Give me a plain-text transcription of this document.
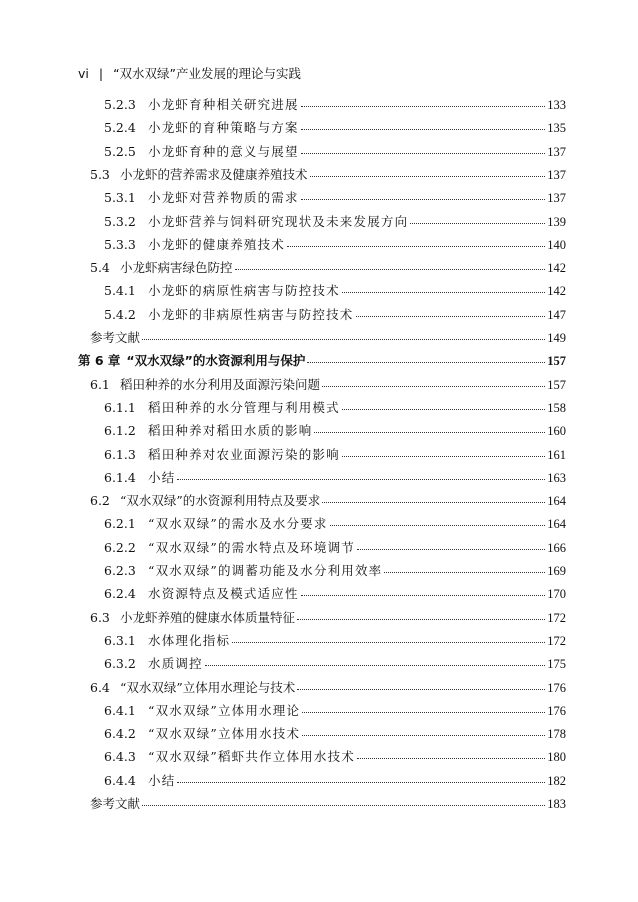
vi | “双水双绿”产业发展的理论与实践
5.2.3 小龙虾育种相关研究进展	133
5.2.4 小龙虾的育种策略与方案	135
5.2.5 小龙虾育种的意义与展望	137
5.3 小龙虾的营养需求及健康养殖技术	137
5.3.1 小龙虾对营养物质的需求	137
5.3.2 小龙虾营养与饲料研究现状及未来发展方向	139
5.3.3 小龙虾的健康养殖技术	140
5.4 小龙虾病害绿色防控	142
5.4.1 小龙虾的病原性病害与防控技术	142
5.4.2 小龙虾的非病原性病害与防控技术	147
参考文献	149
第 6 章 “双水双绿”的水资源利用与保护	157
6.1 稻田种养的水分利用及面源污染问题	157
6.1.1 稻田种养的水分管理与利用模式	158
6.1.2 稻田种养对稻田水质的影响	160
6.1.3 稻田种养对农业面源污染的影响	161
6.1.4 小结	163
6.2 “双水双绿”的水资源利用特点及要求	164
6.2.1 “双水双绿”的需水及水分要求	164
6.2.2 “双水双绿”的需水特点及环境调节	166
6.2.3 “双水双绿”的调蓄功能及水分利用效率	169
6.2.4 水资源特点及模式适应性	170
6.3 小龙虾养殖的健康水体质量特征	172
6.3.1 水体理化指标	172
6.3.2 水质调控	175
6.4 “双水双绿”立体用水理论与技术	176
6.4.1 “双水双绿”立体用水理论	176
6.4.2 “双水双绿”立体用水技术	178
6.4.3 “双水双绿”稻虾共作立体用水技术	180
6.4.4 小结	182
参考文献	183
